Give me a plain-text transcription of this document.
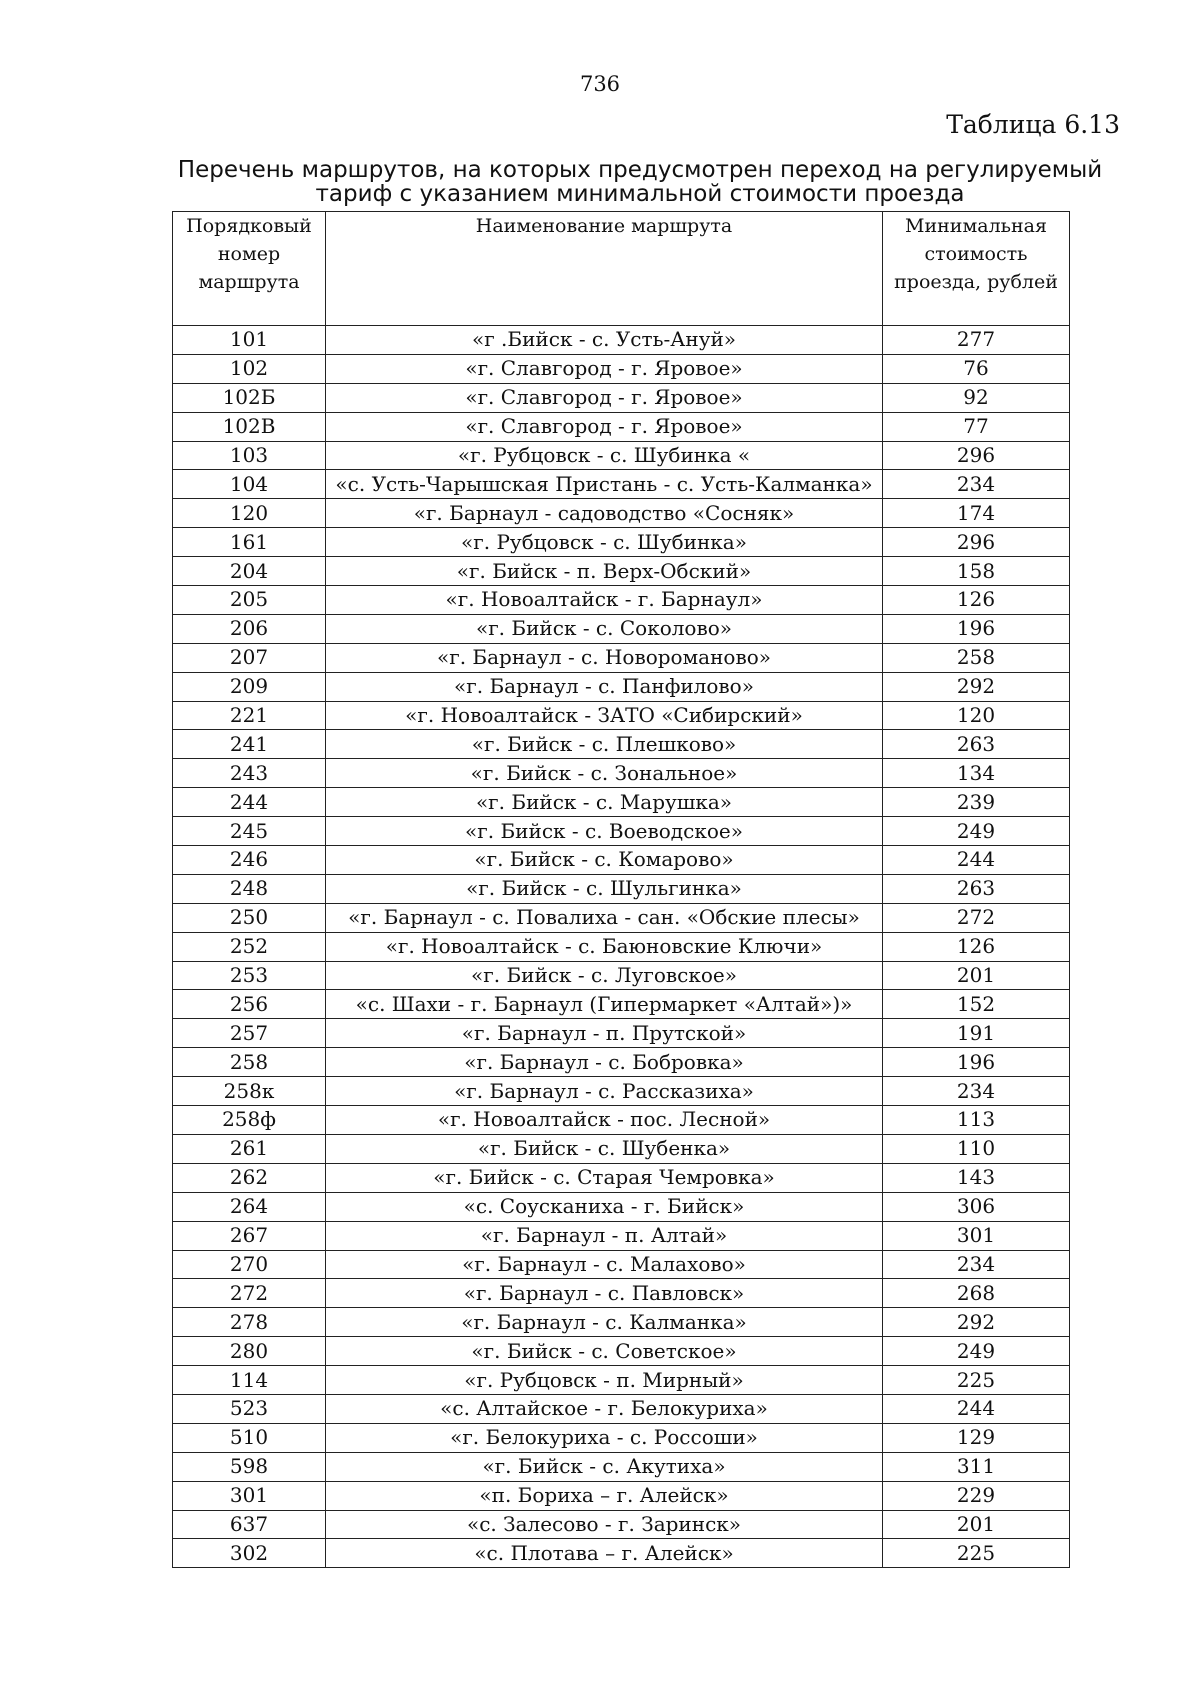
736
Таблица 6.13
Перечень маршрутов, на которых предусмотрен переход на регулируемый
тариф с указанием минимальной стоимости проезда
Порядковый номер маршрута	Наименование маршрута	Минимальная стоимость проезда, рублей
101	«г .Бийск - с. Усть-Ануй»	277
102	«г. Славгород - г. Яровое»	76
102Б	«г. Славгород - г. Яровое»	92
102В	«г. Славгород - г. Яровое»	77
103	«г. Рубцовск - с. Шубинка «	296
104	«с. Усть-Чарышская Пристань - с. Усть-Калманка»	234
120	«г. Барнаул - садоводство «Сосняк»	174
161	«г. Рубцовск - с. Шубинка»	296
204	«г. Бийск - п. Верх-Обский»	158
205	«г. Новоалтайск - г. Барнаул»	126
206	«г. Бийск - с. Соколово»	196
207	«г. Барнаул - с. Новороманово»	258
209	«г. Барнаул - с. Панфилово»	292
221	«г. Новоалтайск - ЗАТО «Сибирский»	120
241	«г. Бийск - с. Плешково»	263
243	«г. Бийск - с. Зональное»	134
244	«г. Бийск - с. Марушка»	239
245	«г. Бийск - с. Воеводское»	249
246	«г. Бийск - с. Комарово»	244
248	«г. Бийск - с. Шульгинка»	263
250	«г. Барнаул - с. Повалиха - сан. «Обские плесы»	272
252	«г. Новоалтайск - с. Баюновские Ключи»	126
253	«г. Бийск - с. Луговское»	201
256	«с. Шахи - г. Барнаул (Гипермаркет «Алтай»)»	152
257	«г. Барнаул - п. Прутской»	191
258	«г. Барнаул - с. Бобровка»	196
258к	«г. Барнаул - с. Рассказиха»	234
258ф	«г. Новоалтайск - пос. Лесной»	113
261	«г. Бийск - с. Шубенка»	110
262	«г. Бийск - с. Старая Чемровка»	143
264	«с. Соусканиха - г. Бийск»	306
267	«г. Барнаул - п. Алтай»	301
270	«г. Барнаул - с. Малахово»	234
272	«г. Барнаул - с. Павловск»	268
278	«г. Барнаул - с. Калманка»	292
280	«г. Бийск - с. Советское»	249
114	«г. Рубцовск - п. Мирный»	225
523	«с. Алтайское - г. Белокуриха»	244
510	«г. Белокуриха - с. Россоши»	129
598	«г. Бийск - с. Акутиха»	311
301	«п. Бориха – г. Алейск»	229
637	«с. Залесово - г. Заринск»	201
302	«с. Плотава – г. Алейск»	225
